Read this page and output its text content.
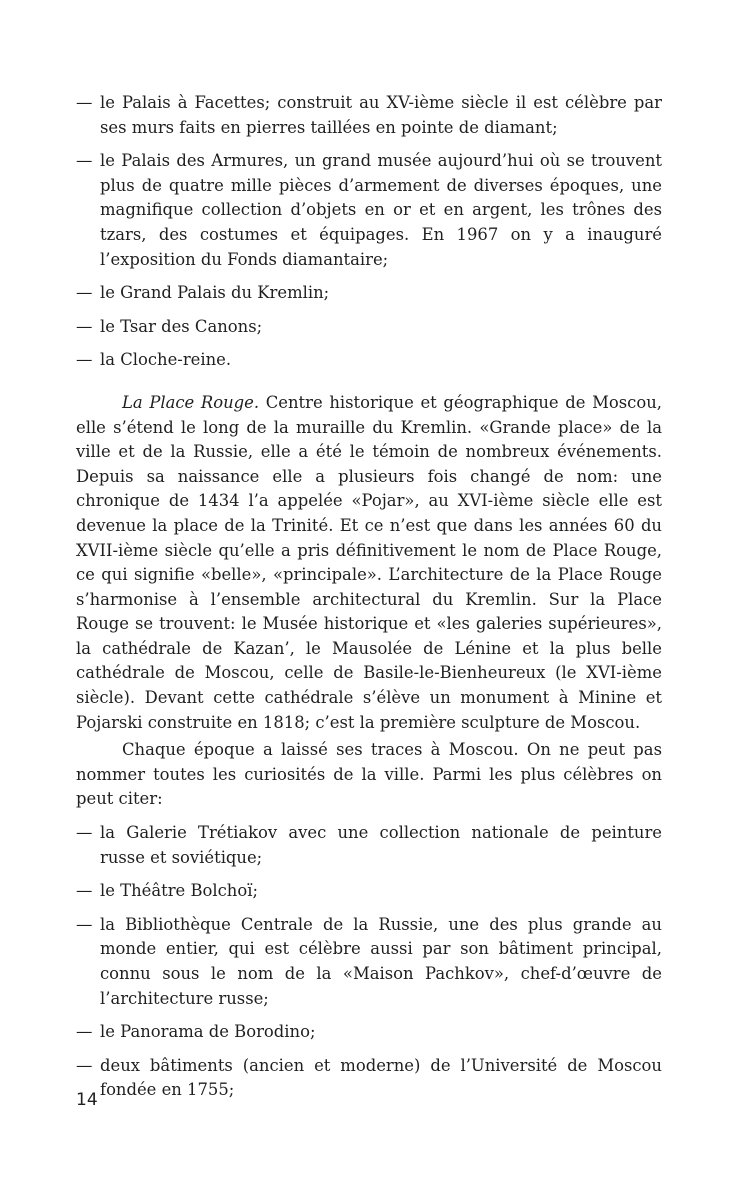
— le Palais à Facettes; construit au XV-ième siècle il est célèbre par ses murs faits en pierres taillées en pointe de diamant;
— le Palais des Armures, un grand musée aujourd’hui où se trouvent plus de quatre mille pièces d’armement de diverses époques, une magnifique collection d’objets en or et en argent, les trônes des tzars, des costumes et équipages. En 1967 on y a inauguré l’exposition du Fonds diamantaire;
— le Grand Palais du Kremlin;
— le Tsar des Canons;
— la Cloche-reine.

La Place Rouge. Centre historique et géographique de Moscou, elle s’étend le long de la muraille du Kremlin. «Grande place» de la ville et de la Russie, elle a été le témoin de nombreux événements. Depuis sa naissance elle a plusieurs fois changé de nom: une chronique de 1434 l’a appelée «Pojar», au XVI-ième siècle elle est devenue la place de la Trinité. Et ce n’est que dans les années 60 du XVII-ième siècle qu’elle a pris définitivement le nom de Place Rouge, ce qui signifie «belle», «principale». L’architecture de la Place Rouge s’harmonise à l’ensemble architectural du Kremlin. Sur la Place Rouge se trouvent: le Musée historique et «les galeries supérieures», la cathédrale de Kazan’, le Mausolée de Lénine et la plus belle cathédrale de Moscou, celle de Basile-le-Bienheureux (le XVI-ième siècle). Devant cette cathédrale s’élève un monument à Minine et Pojarski construite en 1818; c’est la première sculpture de Moscou.

Chaque époque a laissé ses traces à Moscou. On ne peut pas nommer toutes les curiosités de la ville. Parmi les plus célèbres on peut citer:

— la Galerie Trétiakov avec une collection nationale de peinture russe et soviétique;
— le Théâtre Bolchoï;
— la Bibliothèque Centrale de la Russie, une des plus grande au monde entier, qui est célèbre aussi par son bâtiment principal, connu sous le nom de la «Maison Pachkov», chef-d’œuvre de l’architecture russe;
— le Panorama de Borodino;
— deux bâtiments (ancien et moderne) de l’Université de Moscou fondée en 1755;
14
